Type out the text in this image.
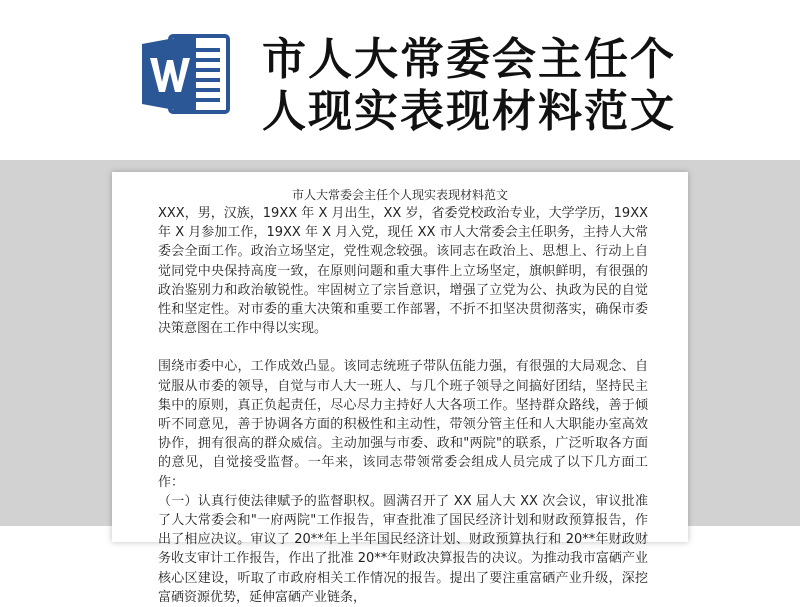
市人大常委会主任个
人现实表现材料范文
市人大常委会主任个人现实表现材料范文

XXX，男，汉族，19XX 年 X 月出生，XX 岁，省委党校政治专业，大学学历，19XX 年 X 月参加工作，19XX 年 X 月入党，现任 XX 市人大常委会主任职务，主持人大常委会全面工作。政治立场坚定，党性观念较强。该同志在政治上、思想上、行动上自觉同党中央保持高度一致，在原则问题和重大事件上立场坚定，旗帜鲜明，有很强的政治鉴别力和政治敏锐性。牢固树立了宗旨意识，增强了立党为公、执政为民的自觉性和坚定性。对市委的重大决策和重要工作部署，不折不扣坚决贯彻落实，确保市委决策意图在工作中得以实现。

围绕市委中心，工作成效凸显。该同志统班子带队伍能力强，有很强的大局观念、自觉服从市委的领导，自觉与市人大一班人、与几个班子领导之间搞好团结，坚持民主集中的原则，真正负起责任，尽心尽力主持好人大各项工作。坚持群众路线，善于倾听不同意见，善于协调各方面的积极性和主动性，带领分管主任和人大职能办室高效协作，拥有很高的群众威信。主动加强与市委、政和"两院"的联系，广泛听取各方面的意见，自觉接受监督。一年来，该同志带领常委会组成人员完成了以下几方面工作：

（一）认真行使法律赋予的监督职权。圆满召开了 XX 届人大 XX 次会议，审议批准了人大常委会和"一府两院"工作报告，审查批准了国民经济计划和财政预算报告，作出了相应决议。审议了 20**年上半年国民经济计划、财政预算执行和 20**年财政财务收支审计工作报告，作出了批准 20**年财政决算报告的决议。为推动我市富硒产业核心区建设，听取了市政府相关工作情况的报告。提出了要注重富硒产业升级，深挖富硒资源优势，延伸富硒产业链条，
